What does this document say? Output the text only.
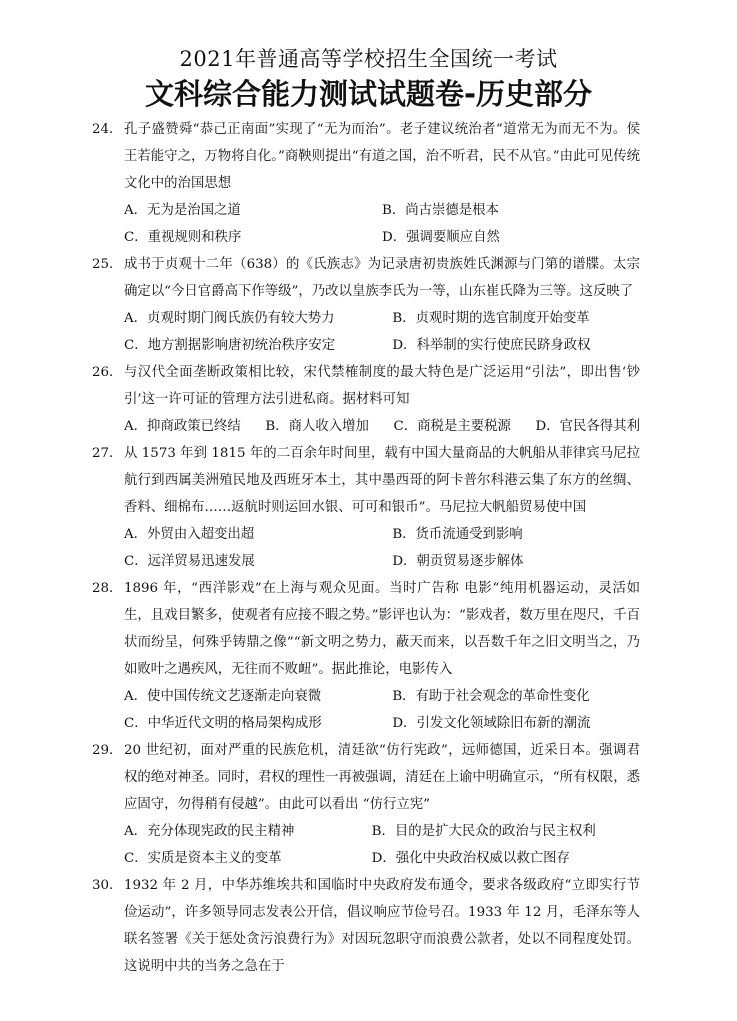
2021年普通高等学校招生全国统一考试
文科综合能力测试试题卷-历史部分
24． 孔子盛赞舜“恭己正南面”实现了“无为而治”。老子建议统治者“道常无为而无不为。侯王若能守之，万物将自化。”商鞅则提出“有道之国，治不听君，民不从官。”由此可见传统文化中的治国思想
A．无为是治国之道	B．尚古崇德是根本
C．重视规则和秩序	D．强调要顺应自然
25． 成书于贞观十二年（638）的《氏族志》为记录唐初贵族姓氏渊源与门第的谱牒。太宗确定以“今日官爵高下作等级”，乃改以皇族李氏为一等，山东崔氏降为三等。这反映了
A．贞观时期门阀氏族仍有较大势力	B．贞观时期的选官制度开始变革
C．地方割据影响唐初统治秩序安定	D．科举制的实行使庶民跻身政权
26． 与汉代全面垄断政策相比较，宋代禁榷制度的最大特色是广泛运用“引法”，即出售‘钞引’这一许可证的管理方法引进私商。据材料可知
A．抑商政策已终结 B．商人收入增加 C．商税是主要税源 D．官民各得其利
27． 从 1573 年到 1815 年的二百余年时间里，载有中国大量商品的大帆船从菲律宾马尼拉航行到西属美洲殖民地及西班牙本土，其中墨西哥的阿卡普尔科港云集了东方的丝绸、香料、细棉布……返航时则运回水银、可可和银币”。马尼拉大帆船贸易使中国
A．外贸由入超变出超	B．货币流通受到影响
C．远洋贸易迅速发展	D．朝贡贸易逐步解体
28． 1896 年，“西洋影戏”在上海与观众见面。当时广告称 电影“纯用机器运动，灵活如生，且戏目繁多，使观者有应接不暇之势。”影评也认为：“影戏者，数万里在咫尺，千百状而纷呈，何殊乎铸鼎之像”“新文明之势力，蔽天而来，以吾数千年之旧文明当之，乃如败叶之遇疾风，无往而不败衄”。据此推论，电影传入
A．使中国传统文艺逐渐走向衰微	B．有助于社会观念的革命性变化
C．中华近代文明的格局架构成形	D．引发文化领域除旧布新的潮流
29． 20 世纪初，面对严重的民族危机，清廷欲“仿行宪政”，远师德国，近采日本。强调君权的绝对神圣。同时，君权的理性一再被强调，清廷在上谕中明确宣示，“所有权限，悉应固守，勿得稍有侵越”。由此可以看出 “仿行立宪”
A．充分体现宪政的民主精神	B．目的是扩大民众的政治与民主权利
C．实质是资本主义的变革	D．强化中央政治权威以救亡图存
30． 1932 年 2 月，中华苏维埃共和国临时中央政府发布通令，要求各级政府“立即实行节俭运动”，许多领导同志发表公开信，倡议响应节俭号召。1933 年 12 月，毛泽东等人联名签署《关于惩处贪污浪费行为》对因玩忽职守而浪费公款者，处以不同程度处罚。这说明中共的当务之急在于
